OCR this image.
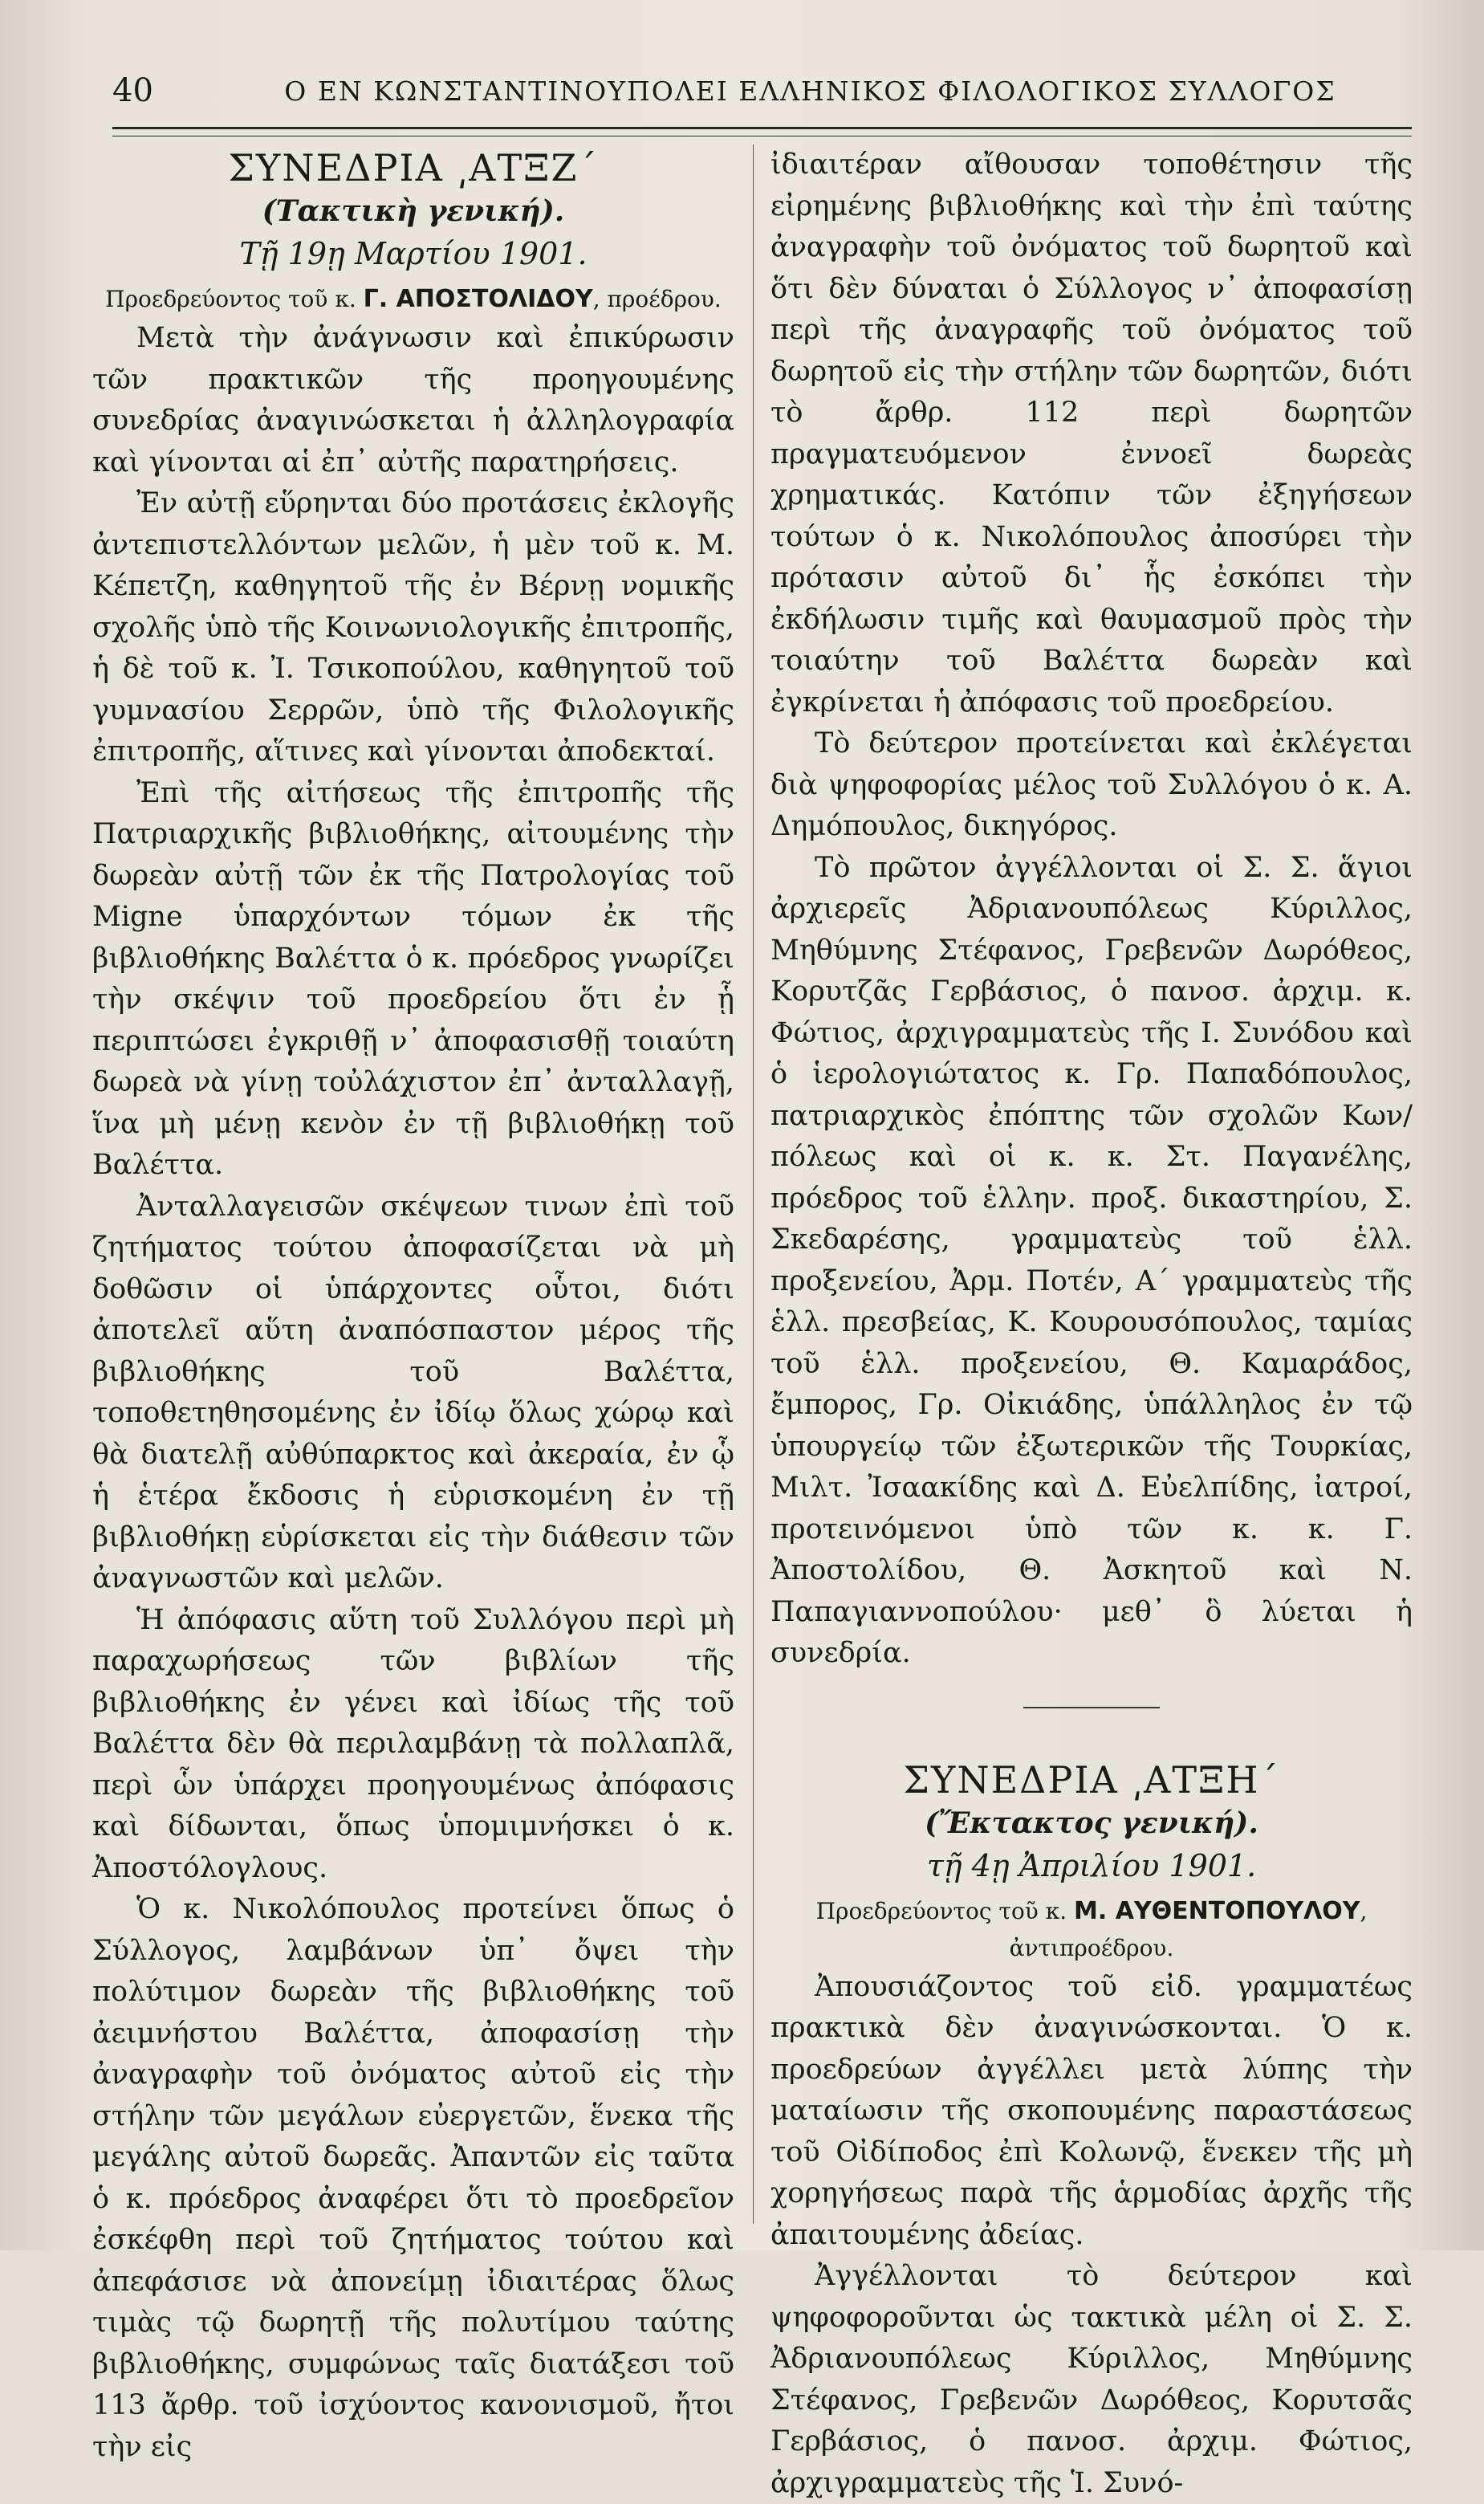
40	Ο ΕΝ ΚΩΝΣΤΑΝΤΙΝΟΥΠΟΛΕΙ ΕΛΛΗΝΙΚΟΣ ΦΙΛΟΛΟΓΙΚΟΣ ΣΥΛΛΟΓΟΣ

ΣΥΝΕΔΡΙΑ ͵ΑΤΞΖ΄

(Τακτικὴ γενική).

Τῇ 19ῃ Μαρτίου 1901.

Προεδρεύοντος τοῦ κ. Γ. ΑΠΟΣΤΟΛΙΔΟΥ, προέδρου.

Μετὰ τὴν ἀνάγνωσιν καὶ ἐπικύρωσιν τῶν πρακτικῶν τῆς προηγουμένης συνεδρίας ἀναγινώσκεται ἡ ἀλληλογραφία καὶ γίνονται αἱ ἐπ᾽ αὐτῆς παρατηρήσεις.

Ἐν αὐτῇ εὕρηνται δύο προτάσεις ἐκλογῆς ἀντεπιστελλόντων μελῶν, ἡ μὲν τοῦ κ. Μ. Κέπετζη, καθηγητοῦ τῆς ἐν Βέρνῃ νομικῆς σχολῆς ὑπὸ τῆς Κοινωνιολογικῆς ἐπιτροπῆς, ἡ δὲ τοῦ κ. Ἰ. Τσικοπούλου, καθηγητοῦ τοῦ γυμνασίου Σερρῶν, ὑπὸ τῆς Φιλολογικῆς ἐπιτροπῆς, αἵτινες καὶ γίνονται ἀποδεκταί.

Ἐπὶ τῆς αἰτήσεως τῆς ἐπιτροπῆς τῆς Πατριαρχικῆς βιβλιοθήκης, αἰτουμένης τὴν δωρεὰν αὐτῇ τῶν ἐκ τῆς Πατρολογίας τοῦ Migne ὑπαρχόντων τόμων ἐκ τῆς βιβλιοθήκης Βαλέττα ὁ κ. πρόεδρος γνωρίζει τὴν σκέψιν τοῦ προεδρείου ὅτι ἐν ᾗ περιπτώσει ἐγκριθῇ ν᾽ ἀποφασισθῇ τοιαύτη δωρεὰ νὰ γίνῃ τοὐλάχιστον ἐπ᾽ ἀνταλλαγῇ, ἵνα μὴ μένῃ κενὸν ἐν τῇ βιβλιοθήκῃ τοῦ Βαλέττα.

Ἀνταλλαγεισῶν σκέψεων τινων ἐπὶ τοῦ ζητήματος τούτου ἀποφασίζεται νὰ μὴ δοθῶσιν οἱ ὑπάρχοντες οὗτοι, διότι ἀποτελεῖ αὕτη ἀναπόσπαστον μέρος τῆς βιβλιοθήκης τοῦ Βαλέττα, τοποθετηθησομένης ἐν ἰδίῳ ὅλως χώρῳ καὶ θὰ διατελῇ αὐθύπαρκτος καὶ ἀκεραία, ἐν ᾧ ἡ ἑτέρα ἔκδοσις ἡ εὑρισκομένη ἐν τῇ βιβλιοθήκῃ εὑρίσκεται εἰς τὴν διάθεσιν τῶν ἀναγνωστῶν καὶ μελῶν.

Ἡ ἀπόφασις αὕτη τοῦ Συλλόγου περὶ μὴ παραχωρήσεως τῶν βιβλίων τῆς βιβλιοθήκης ἐν γένει καὶ ἰδίως τῆς τοῦ Βαλέττα δὲν θὰ περιλαμβάνῃ τὰ πολλαπλᾶ, περὶ ὧν ὑπάρχει προηγουμένως ἀπόφασις καὶ δίδωνται, ὅπως ὑπομιμνήσκει ὁ κ. Ἀποστόλογλους.

Ὁ κ. Νικολόπουλος προτείνει ὅπως ὁ Σύλλογος, λαμβάνων ὑπ᾽ ὄψει τὴν πολύτιμον δωρεὰν τῆς βιβλιοθήκης τοῦ ἀειμνήστου Βαλέττα, ἀποφασίσῃ τὴν ἀναγραφὴν τοῦ ὀνόματος αὐτοῦ εἰς τὴν στήλην τῶν μεγάλων εὐεργετῶν, ἕνεκα τῆς μεγάλης αὐτοῦ δωρεᾶς. Ἀπαντῶν εἰς ταῦτα ὁ κ. πρόεδρος ἀναφέρει ὅτι τὸ προεδρεῖον ἐσκέφθη περὶ τοῦ ζητήματος τούτου καὶ ἀπεφάσισε νὰ ἀπονείμῃ ἰδιαιτέρας ὅλως τιμὰς τῷ δωρητῇ τῆς πολυτίμου ταύτης βιβλιοθήκης, συμφώνως ταῖς διατάξεσι τοῦ 113 ἄρθρ. τοῦ ἰσχύοντος κανονισμοῦ, ἤτοι τὴν εἰς

ἰδιαιτέραν αἴθουσαν τοποθέτησιν τῆς εἰρημένης βιβλιοθήκης καὶ τὴν ἐπὶ ταύτης ἀναγραφὴν τοῦ ὀνόματος τοῦ δωρητοῦ καὶ ὅτι δὲν δύναται ὁ Σύλλογος ν᾽ ἀποφασίσῃ περὶ τῆς ἀναγραφῆς τοῦ ὀνόματος τοῦ δωρητοῦ εἰς τὴν στήλην τῶν δωρητῶν, διότι τὸ ἄρθρ. 112 περὶ δωρητῶν πραγματευόμενον ἐννοεῖ δωρεὰς χρηματικάς. Κατόπιν τῶν ἐξηγήσεων τούτων ὁ κ. Νικολόπουλος ἀποσύρει τὴν πρότασιν αὐτοῦ δι᾽ ἧς ἐσκόπει τὴν ἐκδήλωσιν τιμῆς καὶ θαυμασμοῦ πρὸς τὴν τοιαύτην τοῦ Βαλέττα δωρεὰν καὶ ἐγκρίνεται ἡ ἀπόφασις τοῦ προεδρείου.

Τὸ δεύτερον προτείνεται καὶ ἐκλέγεται διὰ ψηφοφορίας μέλος τοῦ Συλλόγου ὁ κ. Α. Δημόπουλος, δικηγόρος.

Τὸ πρῶτον ἀγγέλλονται οἱ Σ. Σ. ἅγιοι ἀρχιερεῖς Ἀδριανουπόλεως Κύριλλος, Μηθύμνης Στέφανος, Γρεβενῶν Δωρόθεος, Κορυτζᾶς Γερβάσιος, ὁ πανοσ. ἀρχιμ. κ. Φώτιος, ἀρχιγραμματεὺς τῆς Ι. Συνόδου καὶ ὁ ἱερολογιώτατος κ. Γρ. Παπαδόπουλος, πατριαρχικὸς ἐπόπτης τῶν σχολῶν Κων/πόλεως καὶ οἱ κ. κ. Στ. Παγανέλης, πρόεδρος τοῦ ἑλλην. προξ. δικαστηρίου, Σ. Σκεδαρέσης, γραμματεὺς τοῦ ἑλλ. προξενείου, Ἀρμ. Ποτέν, Α΄ γραμματεὺς τῆς ἑλλ. πρεσβείας, Κ. Κουρουσόπουλος, ταμίας τοῦ ἑλλ. προξενείου, Θ. Καμαράδος, ἔμπορος, Γρ. Οἰκιάδης, ὑπάλληλος ἐν τῷ ὑπουργείῳ τῶν ἐξωτερικῶν τῆς Τουρκίας, Μιλτ. Ἰσαακίδης καὶ Δ. Εὐελπίδης, ἰατροί, προτεινόμενοι ὑπὸ τῶν κ. κ. Γ. Ἀποστολίδου, Θ. Ἀσκητοῦ καὶ Ν. Παπαγιαννοπούλου· μεθ᾽ ὃ λύεται ἡ συνεδρία.

ΣΥΝΕΔΡΙΑ ͵ΑΤΞΗ΄

(Ἔκτακτος γενική).

τῇ 4ῃ Ἀπριλίου 1901.

Προεδρεύοντος τοῦ κ. Μ. ΑΥΘΕΝΤΟΠΟΥΛΟΥ, ἀντιπροέδρου.

Ἀπουσιάζοντος τοῦ εἰδ. γραμματέως πρακτικὰ δὲν ἀναγινώσκονται. Ὁ κ. προεδρεύων ἀγγέλλει μετὰ λύπης τὴν ματαίωσιν τῆς σκοπουμένης παραστάσεως τοῦ Οἰδίποδος ἐπὶ Κολωνῷ, ἕνεκεν τῆς μὴ χορηγήσεως παρὰ τῆς ἁρμοδίας ἀρχῆς τῆς ἀπαιτουμένης ἀδείας.

Ἀγγέλλονται τὸ δεύτερον καὶ ψηφοφοροῦνται ὡς τακτικὰ μέλη οἱ Σ. Σ. Ἀδριανουπόλεως Κύριλλος, Μηθύμνης Στέφανος, Γρεβενῶν Δωρόθεος, Κορυτσᾶς Γερβάσιος, ὁ πανοσ. ἀρχιμ. Φώτιος, ἀρχιγραμματεὺς τῆς Ἱ. Συνό-
